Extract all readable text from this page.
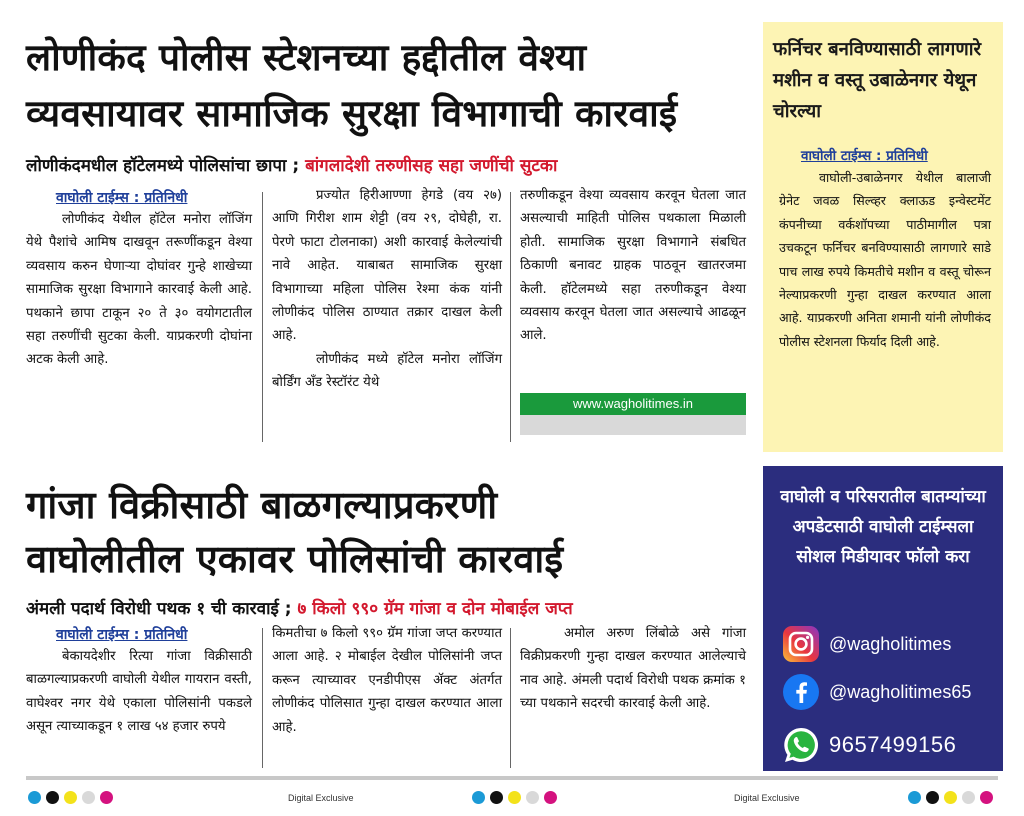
लोणीकंद पोलीस स्टेशनच्या हद्दीतील वेश्या
व्यवसायावर सामाजिक सुरक्षा विभागाची कारवाई
लोणीकंदमधील हॉटेलमध्ये पोलिसांचा छापा ; बांगलादेशी तरुणीसह सहा जणींची सुटका
वाघोली टाईम्स : प्रतिनिधी

लोणीकंद येथील हॉटेल मनोरा लॉजिंग येथे पैशांचे आमिष दाखवून तरूणींकडून वेश्या व्यवसाय करुन घेणाऱ्या दोघांवर गुन्हे शाखेच्या सामाजिक सुरक्षा विभागाने कारवाई केली आहे. पथकाने छापा टाकून २० ते ३० वयोगटातील सहा तरुणींची सुटका केली. याप्रकरणी दोघांना अटक केली आहे.

प्रज्योत हिरीआण्णा हेगडे (वय २७) आणि गिरीश शाम शेट्टी (वय २९, दोघेही, रा. पेरणे फाटा टोलनाका) अशी कारवाई केलेल्यांची नावे आहेत. याबाबत सामाजिक सुरक्षा विभागाच्या महिला पोलिस रेश्मा कंक यांनी लोणीकंद पोलिस ठाण्यात तक्रार दाखल केली आहे.

लोणीकंद मध्ये हॉटेल मनोरा लॉजिंग बोर्डिंग अँड रेस्टॉरंट येथे

तरुणीकडून वेश्या व्यवसाय करवून घेतला जात असल्याची माहिती पोलिस पथकाला मिळाली होती. सामाजिक सुरक्षा विभागाने संबधित ठिकाणी बनावट ग्राहक पाठवून खातरजमा केली. हॉटेलमध्ये सहा तरुणीकडून वेश्या व्यवसाय करवून घेतला जात असल्याचे आढळून आले.

www.wagholitimes.in
फर्निचर बनविण्यासाठी लागणारे मशीन व वस्तू उबाळेनगर येथून चोरल्या
वाघोली टाईम्स : प्रतिनिधी
वाघोली-उबाळेनगर येथील बालाजी ग्रेनेट जवळ सिल्व्हर क्लाऊड इन्वेस्टमेंट कंपनीच्या वर्कशॉपच्या पाठीमागील पत्रा उचकटून फर्निचर बनविण्यासाठी लागणारे साडे पाच लाख रुपये किमतीचे मशीन व वस्तू चोरून नेल्याप्रकरणी गुन्हा दाखल करण्यात आला आहे. याप्रकरणी अनिता शमानी यांनी लोणीकंद पोलीस स्टेशनला फिर्याद दिली आहे.
गांजा विक्रीसाठी बाळगल्याप्रकरणी
वाघोलीतील एकावर पोलिसांची कारवाई
अंमली पदार्थ विरोधी पथक १ ची कारवाई ; ७ किलो ९९० ग्रॅम गांजा व दोन मोबाईल जप्त
वाघोली टाईम्स : प्रतिनिधी

बेकायदेशीर रित्या गांजा विक्रीसाठी बाळगल्याप्रकरणी वाघोली येथील गायरान वस्ती, वाघेश्वर नगर येथे एकाला पोलिसांनी पकडले असून त्याच्याकडून १ लाख ५४ हजार रुपये

किमतीचा ७ किलो ९९० ग्रॅम गांजा जप्त करण्यात आला आहे. २ मोबाईल देखील पोलिसांनी जप्त करून त्याच्यावर एनडीपीएस ॲक्ट अंतर्गत लोणीकंद पोलिसात गुन्हा दाखल करण्यात आला आहे.

अमोल अरुण लिंबोळे असे गांजा विक्रीप्रकरणी गुन्हा दाखल करण्यात आलेल्याचे नाव आहे. अंमली पदार्थ विरोधी पथक क्रमांक १ च्या पथकाने सदरची कारवाई केली आहे.

वाघोली व परिसरातील बातम्यांच्या अपडेटसाठी वाघोली टाईम्सला सोशल मिडीयावर फॉलो करा
@wagholitimes
@wagholitimes65
9657499156
Digital Exclusive	Digital Exclusive
